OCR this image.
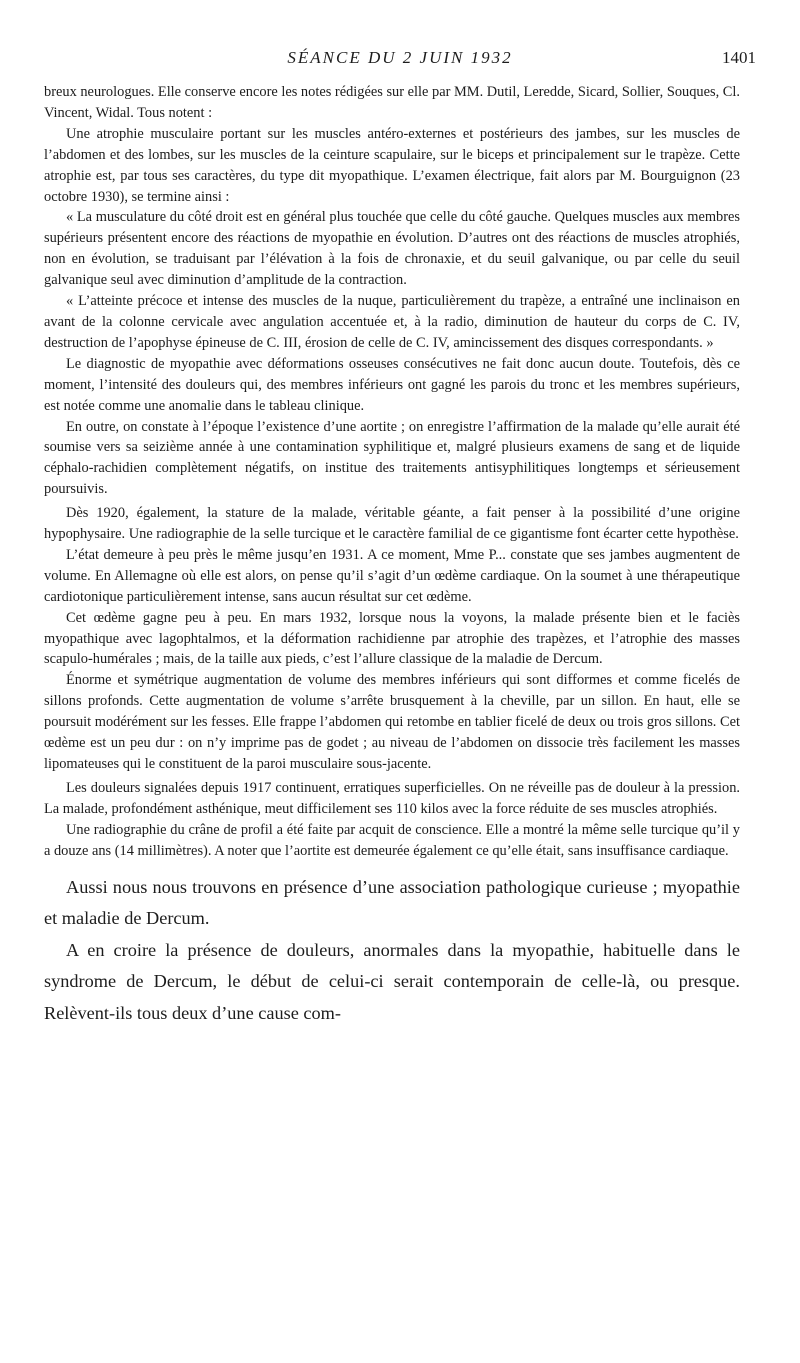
SÉANCE DU 2 JUIN 1932	1401

breux neurologues. Elle conserve encore les notes rédigées sur elle par MM. Dutil, Leredde, Sicard, Sollier, Souques, Cl. Vincent, Widal. Tous notent :

Une atrophie musculaire portant sur les muscles antéro-externes et postérieurs des jambes, sur les muscles de l’abdomen et des lombes, sur les muscles de la ceinture scapulaire, sur le biceps et principalement sur le trapèze. Cette atrophie est, par tous ses caractères, du type dit myopathique. L’examen électrique, fait alors par M. Bourguignon (23 octobre 1930), se termine ainsi :

« La musculature du côté droit est en général plus touchée que celle du côté gauche. Quelques muscles aux membres supérieurs présentent encore des réactions de myopathie en évolution. D’autres ont des réactions de muscles atrophiés, non en évolution, se traduisant par l’élévation à la fois de chronaxie, et du seuil galvanique, ou par celle du seuil galvanique seul avec diminution d’amplitude de la contraction.

« L’atteinte précoce et intense des muscles de la nuque, particulièrement du trapèze, a entraîné une inclinaison en avant de la colonne cervicale avec angulation accentuée et, à la radio, diminution de hauteur du corps de C. IV, destruction de l’apophyse épineuse de C. III, érosion de celle de C. IV, amincissement des disques correspondants. »

Le diagnostic de myopathie avec déformations osseuses consécutives ne fait donc aucun doute. Toutefois, dès ce moment, l’intensité des douleurs qui, des membres inférieurs ont gagné les parois du tronc et les membres supérieurs, est notée comme une anomalie dans le tableau clinique.

En outre, on constate à l’époque l’existence d’une aortite ; on enregistre l’affirmation de la malade qu’elle aurait été soumise vers sa seizième année à une contamination syphilitique et, malgré plusieurs examens de sang et de liquide céphalo-rachidien complètement négatifs, on institue des traitements antisyphilitiques longtemps et sérieusement poursuivis.

Dès 1920, également, la stature de la malade, véritable géante, a fait penser à la possibilité d’une origine hypophysaire. Une radiographie de la selle turcique et le caractère familial de ce gigantisme font écarter cette hypothèse.

L’état demeure à peu près le même jusqu’en 1931. A ce moment, Mme P... constate que ses jambes augmentent de volume. En Allemagne où elle est alors, on pense qu’il s’agit d’un œdème cardiaque. On la soumet à une thérapeutique cardiotonique particulièrement intense, sans aucun résultat sur cet œdème.

Cet œdème gagne peu à peu. En mars 1932, lorsque nous la voyons, la malade présente bien et le faciès myopathique avec lagophtalmos, et la déformation rachidienne par atrophie des trapèzes, et l’atrophie des masses scapulo-humérales ; mais, de la taille aux pieds, c’est l’allure classique de la maladie de Dercum.

Énorme et symétrique augmentation de volume des membres inférieurs qui sont difformes et comme ficelés de sillons profonds. Cette augmentation de volume s’arrête brusquement à la cheville, par un sillon. En haut, elle se poursuit modérément sur les fesses. Elle frappe l’abdomen qui retombe en tablier ficelé de deux ou trois gros sillons. Cet œdème est un peu dur : on n’y imprime pas de godet ; au niveau de l’abdomen on dissocie très facilement les masses lipomateuses qui le constituent de la paroi musculaire sous-jacente.

Les douleurs signalées depuis 1917 continuent, erratiques superficielles. On ne réveille pas de douleur à la pression. La malade, profondément asthénique, meut difficilement ses 110 kilos avec la force réduite de ses muscles atrophiés.

Une radiographie du crâne de profil a été faite par acquit de conscience. Elle a montré la même selle turcique qu’il y a douze ans (14 millimètres). A noter que l’aortite est demeurée également ce qu’elle était, sans insuffisance cardiaque.

Aussi nous nous trouvons en présence d’une association pathologique curieuse ; myopathie et maladie de Dercum.

A en croire la présence de douleurs, anormales dans la myopathie, habituelle dans le syndrome de Dercum, le début de celui-ci serait contemporain de celle-là, ou presque. Relèvent-ils tous deux d’une cause com-
